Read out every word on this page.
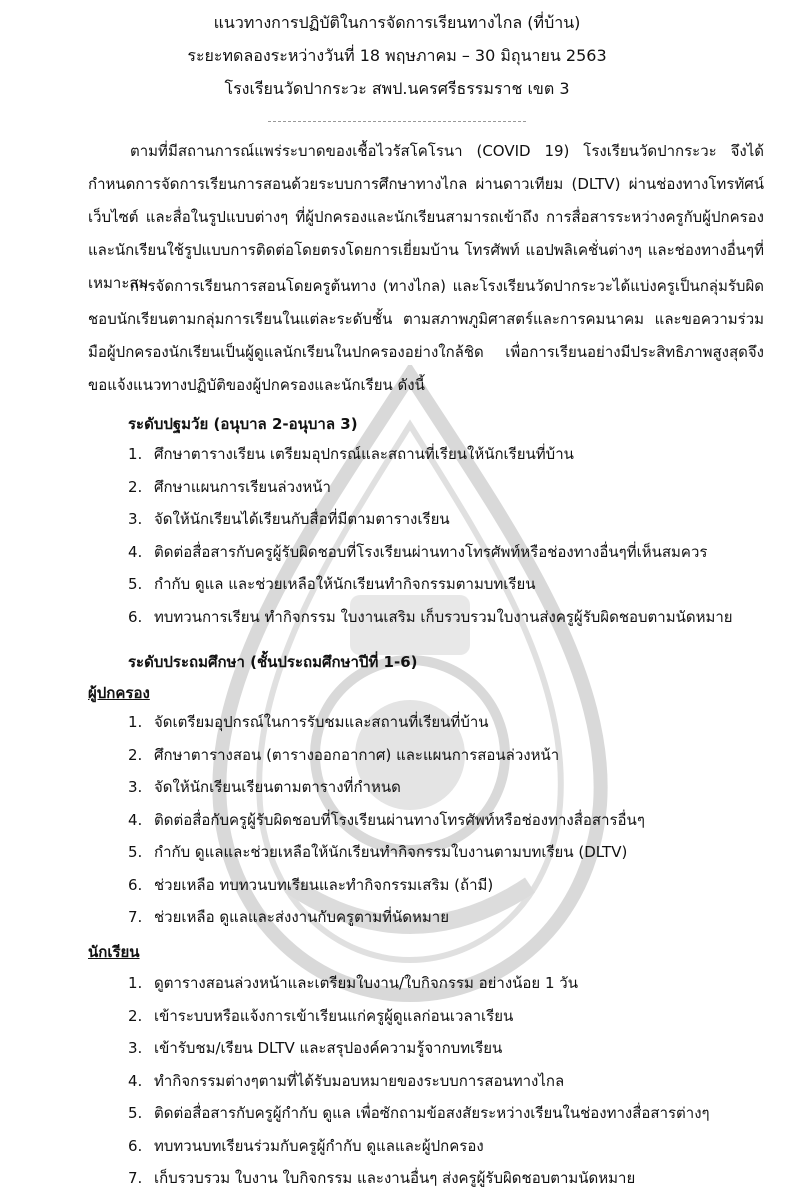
แนวทางการปฏิบัติในการจัดการเรียนทางไกล (ที่บ้าน)
ระยะทดลองระหว่างวันที่ 18 พฤษภาคม – 30 มิถุนายน 2563
โรงเรียนวัดปากระวะ สพป.นครศรีธรรมราช เขต 3
ตามที่มีสถานการณ์แพร่ระบาดของเชื้อไวรัสโคโรนา (COVID 19) โรงเรียนวัดปากระวะ จึงได้กำหนดการจัดการเรียนการสอนด้วยระบบการศึกษาทางไกล ผ่านดาวเทียม (DLTV) ผ่านช่องทางโทรทัศน์ เว็บไซต์ และสื่อในรูปแบบต่างๆ ที่ผู้ปกครองและนักเรียนสามารถเข้าถึง การสื่อสารระหว่างครูกับผู้ปกครองและนักเรียนใช้รูปแบบการติดต่อโดยตรงโดยการเยี่ยมบ้าน โทรศัพท์ แอปพลิเคชั่นต่างๆ และช่องทางอื่นๆที่เหมาะสม
การจัดการเรียนการสอนโดยครูต้นทาง (ทางไกล) และโรงเรียนวัดปากระวะได้แบ่งครูเป็นกลุ่มรับผิดชอบนักเรียนตามกลุ่มการเรียนในแต่ละระดับชั้น ตามสภาพภูมิศาสตร์และการคมนาคม และขอความร่วมมือผู้ปกครองนักเรียนเป็นผู้ดูแลนักเรียนในปกครองอย่างใกล้ชิด เพื่อการเรียนอย่างมีประสิทธิภาพสูงสุดจึงขอแจ้งแนวทางปฏิบัติของผู้ปกครองและนักเรียน ดังนี้
ระดับปฐมวัย (อนุบาล 2-อนุบาล 3)
1. ศึกษาตารางเรียน เตรียมอุปกรณ์และสถานที่เรียนให้นักเรียนที่บ้าน
2. ศึกษาแผนการเรียนล่วงหน้า
3. จัดให้นักเรียนได้เรียนกับสื่อที่มีตามตารางเรียน
4. ติดต่อสื่อสารกับครูผู้รับผิดชอบที่โรงเรียนผ่านทางโทรศัพท์หรือช่องทางอื่นๆที่เห็นสมควร
5. กำกับ ดูแล และช่วยเหลือให้นักเรียนทำกิจกรรมตามบทเรียน
6. ทบทวนการเรียน ทำกิจกรรม ใบงานเสริม เก็บรวบรวมใบงานส่งครูผู้รับผิดชอบตามนัดหมาย
ระดับประถมศึกษา (ชั้นประถมศึกษาปีที่ 1-6)
ผู้ปกครอง
1. จัดเตรียมอุปกรณ์ในการรับชมและสถานที่เรียนที่บ้าน
2. ศึกษาตารางสอน (ตารางออกอากาศ) และแผนการสอนล่วงหน้า
3. จัดให้นักเรียนเรียนตามตารางที่กำหนด
4. ติดต่อสื่อกับครูผู้รับผิดชอบที่โรงเรียนผ่านทางโทรศัพท์หรือช่องทางสื่อสารอื่นๆ
5. กำกับ ดูแลและช่วยเหลือให้นักเรียนทำกิจกรรมใบงานตามบทเรียน (DLTV)
6. ช่วยเหลือ ทบทวนบทเรียนและทำกิจกรรมเสริม (ถ้ามี)
7. ช่วยเหลือ ดูแลและส่งงานกับครูตามที่นัดหมาย
นักเรียน
1. ดูตารางสอนล่วงหน้าและเตรียมใบงาน/ใบกิจกรรม อย่างน้อย 1 วัน
2. เข้าระบบหรือแจ้งการเข้าเรียนแก่ครูผู้ดูแลก่อนเวลาเรียน
3. เข้ารับชม/เรียน DLTV และสรุปองค์ความรู้จากบทเรียน
4. ทำกิจกรรมต่างๆตามที่ได้รับมอบหมายของระบบการสอนทางไกล
5. ติดต่อสื่อสารกับครูผู้กำกับ ดูแล เพื่อซักถามข้อสงสัยระหว่างเรียนในช่องทางสื่อสารต่างๆ
6. ทบทวนบทเรียนร่วมกับครูผู้กำกับ ดูแลและผู้ปกครอง
7. เก็บรวบรวม ใบงาน ใบกิจกรรม และงานอื่นๆ ส่งครูผู้รับผิดชอบตามนัดหมาย
